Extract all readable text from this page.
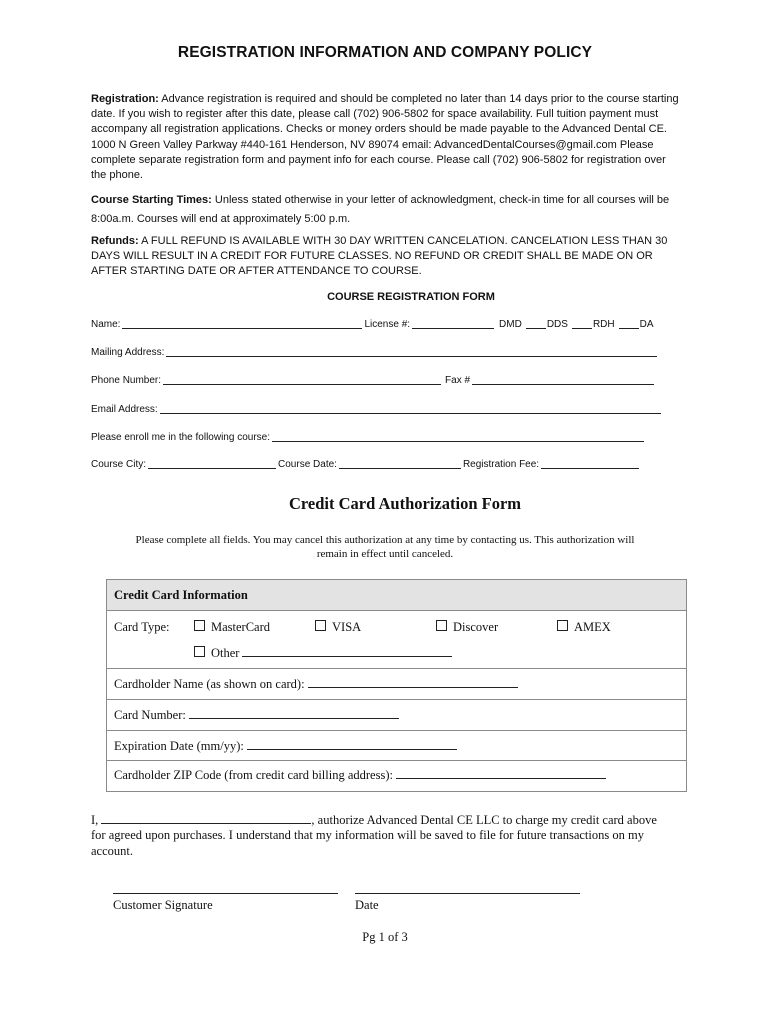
REGISTRATION INFORMATION AND COMPANY POLICY
Registration: Advance registration is required and should be completed no later than 14 days prior to the course starting date. If you wish to register after this date, please call (702) 906-5802 for space availability. Full tuition payment must accompany all registration applications. Checks or money orders should be made payable to the Advanced Dental CE. 1000 N Green Valley Parkway #440-161 Henderson, NV 89074 email: AdvancedDentalCourses@gmail.com Please complete separate registration form and payment info for each course. Please call (702) 906-5802 for registration over the phone.
Course Starting Times: Unless stated otherwise in your letter of acknowledgment, check-in time for all courses will be 8:00a.m. Courses will end at approximately 5:00 p.m.
Refunds: A FULL REFUND IS AVAILABLE WITH 30 DAY WRITTEN CANCELATION. CANCELATION LESS THAN 30 DAYS WILL RESULT IN A CREDIT FOR FUTURE CLASSES. NO REFUND OR CREDIT SHALL BE MADE ON OR AFTER STARTING DATE OR AFTER ATTENDANCE TO COURSE.
COURSE REGISTRATION FORM
Name:	License #:	DMD	DDS	RDH	DA
Mailing Address:
Phone Number:	Fax #
Email Address:
Please enroll me in the following course:
Course City:	Course Date:	Registration Fee:
Credit Card Authorization Form
Please complete all fields. You may cancel this authorization at any time by contacting us. This authorization will remain in effect until canceled.
Credit Card Information
Card Type:	MasterCard	VISA	Discover	AMEX
Other
Cardholder Name (as shown on card):
Card Number:
Expiration Date (mm/yy):
Cardholder ZIP Code (from credit card billing address):
I,	, authorize Advanced Dental CE LLC to charge my credit card above for agreed upon purchases. I understand that my information will be saved to file for future transactions on my account.
Customer Signature	Date
Pg 1 of 3
